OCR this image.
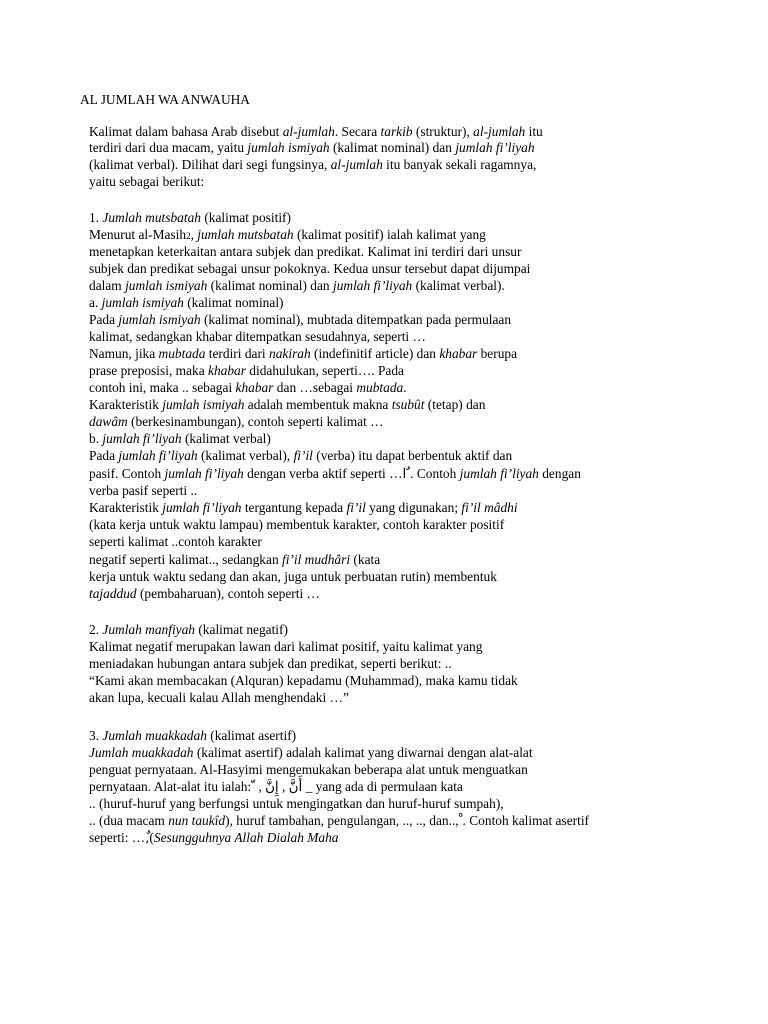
AL JUMLAH WA ANWAUHA
Kalimat dalam bahasa Arab disebut al-jumlah. Secara tarkib (struktur), al-jumlah itu
terdiri dari dua macam, yaitu jumlah ismiyah (kalimat nominal) dan jumlah fi’liyah
(kalimat verbal). Dilihat dari segi fungsinya, al-jumlah itu banyak sekali ragamnya,
yaitu sebagai berikut:
1. Jumlah mutsbatah (kalimat positif)
Menurut al-Masih2, jumlah mutsbatah (kalimat positif) ialah kalimat yang
menetapkan keterkaitan antara subjek dan predikat. Kalimat ini terdiri dari unsur
subjek dan predikat sebagai unsur pokoknya. Kedua unsur tersebut dapat dijumpai
dalam jumlah ismiyah (kalimat nominal) dan jumlah fi’liyah (kalimat verbal).
a. jumlah ismiyah (kalimat nominal)
Pada jumlah ismiyah (kalimat nominal), mubtada ditempatkan pada permulaan
kalimat, sedangkan khabar ditempatkan sesudahnya, seperti …
Namun, jika mubtada terdiri dari nakirah (indefinitif article) dan khabar berupa
prase preposisi, maka khabar didahulukan, seperti…. Pada
contoh ini, maka .. sebagai khabar dan …sebagai mubtada.
Karakteristik jumlah ismiyah adalah membentuk makna tsubût (tetap) dan
dawâm (berkesinambungan), contoh seperti kalimat …
b. jumlah fi’liyah (kalimat verbal)
Pada jumlah fi’liyah (kalimat verbal), fi’il (verba) itu dapat berbentuk aktif dan
pasif. Contoh jumlah fi’liyah dengan verba aktif seperti …ا ٌ. Contoh jumlah fi’liyah dengan
verba pasif seperti ..
Karakteristik jumlah fi’liyah tergantung kepada fi’il yang digunakan; fi’il mâdhi
(kata kerja untuk waktu lampau) membentuk karakter, contoh karakter positif
seperti kalimat ..contoh karakter
negatif seperti kalimat.., sedangkan fi’il mudhâri (kata
kerja untuk waktu sedang dan akan, juga untuk perbuatan rutin) membentuk
tajaddud (pembaharuan), contoh seperti …
2. Jumlah manfiyah (kalimat negatif)
Kalimat negatif merupakan lawan dari kalimat positif, yaitu kalimat yang
meniadakan hubungan antara subjek dan predikat, seperti berikut: ..
“Kami akan membacakan (Alquran) kepadamu (Muhammad), maka kamu tidak
akan lupa, kecuali kalau Allah menghendaki …”
3. Jumlah muakkadah (kalimat asertif)
Jumlah muakkadah (kalimat asertif) adalah kalimat yang diwarnai dengan alat-alat
penguat pernyataan. Al-Hasyimi mengemukakan beberapa alat untuk menguatkan
pernyataan. Alat-alat itu ialah: ّ , أَنَّ , إِنَّ _ yang ada di permulaan kata
.. (huruf-huruf yang berfungsi untuk mengingatkan dan huruf-huruf sumpah),
.. (dua macam nun taukîd), huruf tambahan, pengulangan, .., .., dan.., ْ. Contoh kalimat asertif
seperti: …,ٌ(Sesungguhnya Allah Dialah Maha
